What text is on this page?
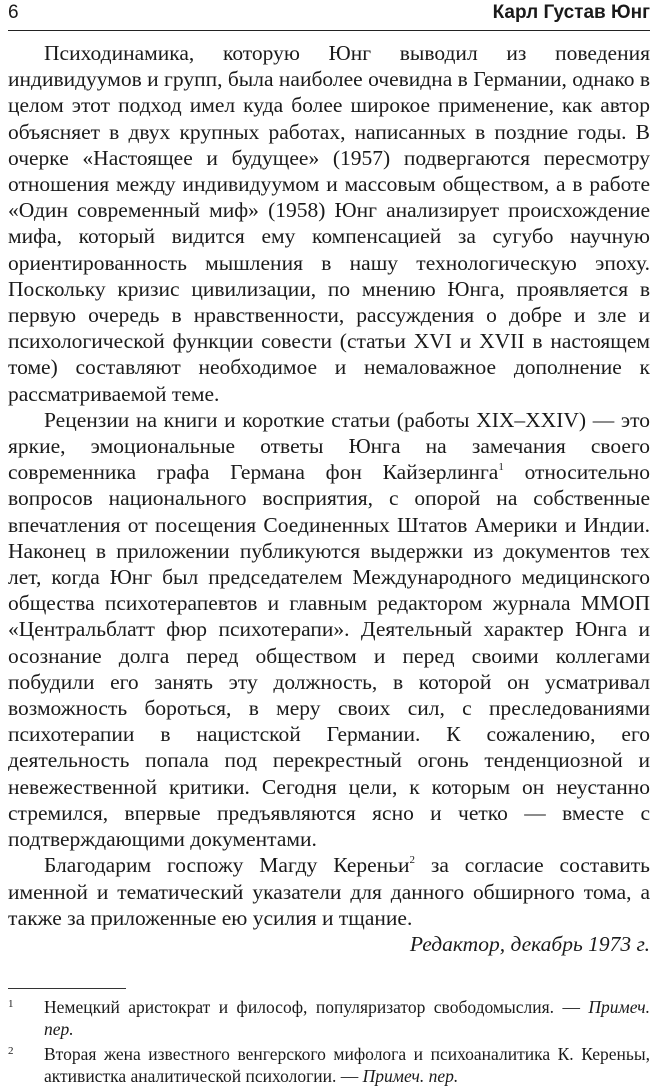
6	Карл Густав Юнг

Психодинамика, которую Юнг выводил из поведения индивидуумов и групп, была наиболее очевидна в Германии, однако в целом этот подход имел куда более широкое применение, как автор объясняет в двух крупных работах, написанных в поздние годы. В очерке «Настоящее и будущее» (1957) подвергаются пересмотру отношения между индивидуумом и массовым обществом, а в работе «Один современный миф» (1958) Юнг анализирует происхождение мифа, который видится ему компенсацией за сугубо научную ориентированность мышления в нашу технологическую эпоху. Поскольку кризис цивилизации, по мнению Юнга, проявляется в первую очередь в нравственности, рассуждения о добре и зле и психологической функции совести (статьи XVI и XVII в настоящем томе) составляют необходимое и немаловажное дополнение к рассматриваемой теме.

Рецензии на книги и короткие статьи (работы XIX–XXIV) — это яркие, эмоциональные ответы Юнга на замечания своего современника графа Германа фон Кайзерлинга$^1$ относительно вопросов национального восприятия, с опорой на собственные впечатления от посещения Соединенных Штатов Америки и Индии. Наконец в приложении публикуются выдержки из документов тех лет, когда Юнг был председателем Международного медицинского общества психотерапевтов и главным редактором журнала ММОП «Центральблатт фюр психотерапи». Деятельный характер Юнга и осознание долга перед обществом и перед своими коллегами побудили его занять эту должность, в которой он усматривал возможность бороться, в меру своих сил, с преследованиями психотерапии в нацистской Германии. К сожалению, его деятельность попала под перекрестный огонь тенденциозной и невежественной критики. Сегодня цели, к которым он неустанно стремился, впервые предъявляются ясно и четко — вместе с подтверждающими документами.

Благодарим госпожу Магду Кереньи$^2$ за согласие составить именной и тематический указатели для данного обширного тома, а также за приложенные ею усилия и тщание.

Редактор, декабрь 1973 г.

1 Немецкий аристократ и философ, популяризатор свободомыслия. — Примеч. пер.
2 Вторая жена известного венгерского мифолога и психоаналитика К. Кереньы, активистка аналитической психологии. — Примеч. пер.
